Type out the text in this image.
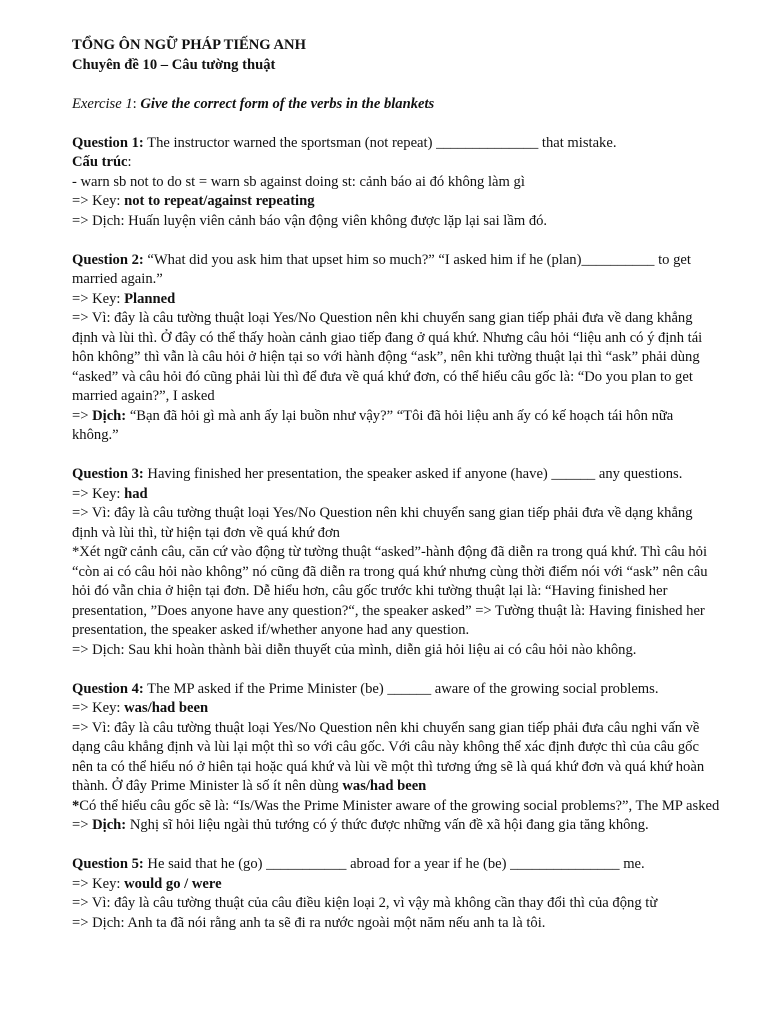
TỔNG ÔN NGỮ PHÁP TIẾNG ANH
Chuyên đề 10 – Câu tường thuật
Exercise 1: Give the correct form of the verbs in the blankets
Question 1: The instructor warned the sportsman (not repeat) ______________ that mistake.
Cấu trúc:
- warn sb not to do st = warn sb against doing st: cảnh báo ai đó không làm gì
=> Key: not to repeat/against repeating
=> Dịch: Huấn luyện viên cảnh báo vận động viên không được lặp lại sai lầm đó.
Question 2: “What did you ask him that upset him so much?” “I asked him if he (plan)__________ to get married again.”
=> Key: Planned
=> Vì: đây là câu tường thuật loại Yes/No Question nên khi chuyển sang gian tiếp phải đưa về dang khẳng định và lùi thì. Ở đây có thể thấy hoàn cảnh giao tiếp đang ở quá khứ. Nhưng câu hỏi “liệu anh có ý định tái hôn không” thì vẫn là câu hỏi ở hiện tại so với hành động “ask”, nên khi tường thuật lại thì “ask” phải dùng “asked” và câu hỏi đó cũng phải lùi thì để đưa về quá khứ đơn, có thể hiểu câu gốc là: “Do you plan to get married again?”, I asked
=> Dịch: “Bạn đã hỏi gì mà anh ấy lại buồn như vậy?” “Tôi đã hỏi liệu anh ấy có kế hoạch tái hôn nữa không.”
Question 3: Having finished her presentation, the speaker asked if anyone (have) ______ any questions.
=> Key: had
=> Vì: đây là câu tường thuật loại Yes/No Question nên khi chuyển sang gian tiếp phải đưa về dạng khẳng định và lùi thì, từ hiện tại đơn về quá khứ đơn
*Xét ngữ cảnh câu, căn cứ vào động từ tường thuật “asked”-hành động đã diễn ra trong quá khứ. Thì câu hỏi “còn ai có câu hỏi nào không” nó cũng đã diễn ra trong quá khứ nhưng cùng thời điểm nói với “ask” nên câu hỏi đó vẫn chia ở hiện tại đơn. Dễ hiểu hơn, câu gốc trước khi tường thuật lại là: “Having finished her presentation, ”Does anyone have any question?“, the speaker asked” => Tường thuật là: Having finished her presentation, the speaker asked if/whether anyone had any question.
=> Dịch: Sau khi hoàn thành bài diễn thuyết của mình, diễn giả hỏi liệu ai có câu hỏi nào không.
Question 4: The MP asked if the Prime Minister (be) ______ aware of the growing social problems.
=> Key: was/had been
=> Vì: đây là câu tường thuật loại Yes/No Question nên khi chuyển sang gian tiếp phải đưa câu nghi vấn về dạng câu khẳng định và lùi lại một thì so với câu gốc. Với câu này không thể xác định được thì của câu gốc nên ta có thể hiểu nó ở hiên tại hoặc quá khứ và lùi về một thì tương ứng sẽ là quá khứ đơn và quá khứ hoàn thành. Ở đây Prime Minister là số ít nên dùng was/had been
*Có thể hiểu câu gốc sẽ là: “Is/Was the Prime Minister aware of the growing social problems?”, The MP asked
=> Dịch: Nghị sĩ hỏi liệu ngài thủ tướng có ý thức được những vấn đề xã hội đang gia tăng không.
Question 5: He said that he (go) ___________ abroad for a year if he (be) _______________ me.
=> Key: would go / were
=> Vì: đây là câu tường thuật của câu điều kiện loại 2, vì vậy mà không cần thay đổi thì của động từ
=> Dịch: Anh ta đã nói rằng anh ta sẽ đi ra nước ngoài một năm nếu anh ta là tôi.
